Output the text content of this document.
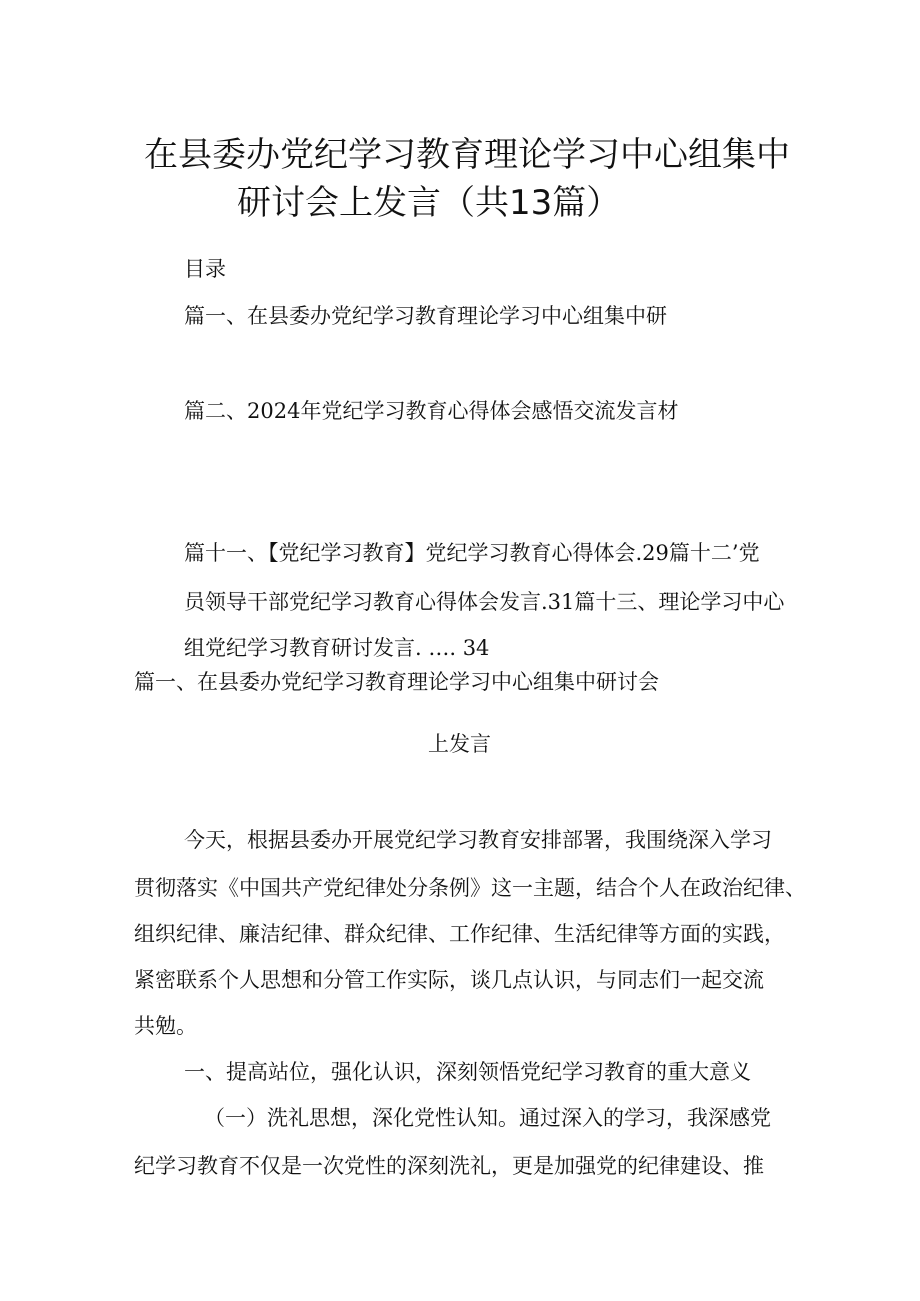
在县委办党纪学习教育理论学习中心组集中
研讨会上发言（共13篇）
目录
篇一、在县委办党纪学习教育理论学习中心组集中研
篇二、2024年党纪学习教育心得体会感悟交流发言材
篇十一、【党纪学习教育】党纪学习教育心得体会.29篇十二’党
员领导干部党纪学习教育心得体会发言.31篇十三、理论学习中心
组党纪学习教育研讨发言. …. 34
篇一、在县委办党纪学习教育理论学习中心组集中研讨会
上发言
今天，根据县委办开展党纪学习教育安排部署，我围绕深入学习
贯彻落实《中国共产党纪律处分条例》这一主题，结合个人在政治纪律、
组织纪律、廉洁纪律、群众纪律、工作纪律、生活纪律等方面的实践，
紧密联系个人思想和分管工作实际，谈几点认识，与同志们一起交流
共勉。
一、提高站位，强化认识，深刻领悟党纪学习教育的重大意义
（一）洗礼思想，深化党性认知。通过深入的学习，我深感党
纪学习教育不仅是一次党性的深刻洗礼，更是加强党的纪律建设、推
